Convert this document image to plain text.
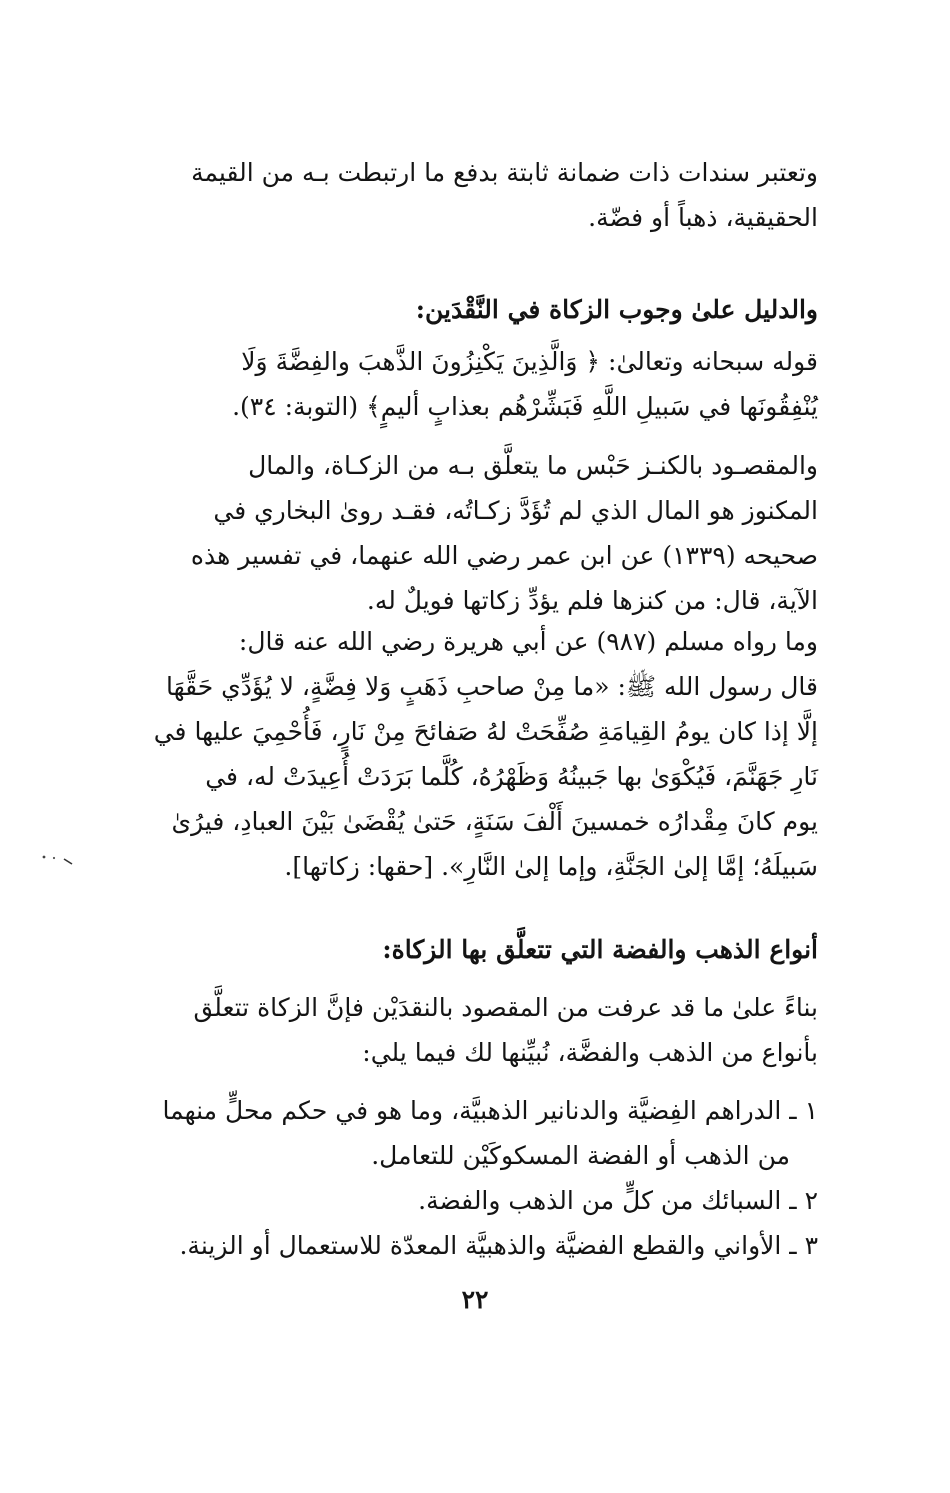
وتعتبر سندات ذات ضمانة ثابتة بدفع ما ارتبطت بـه من القيمة

الحقيقية، ذهباً أو فضّة.

والدليل علىٰ وجوب الزكاة في النَّقْدَين:

قوله سبحانه وتعالىٰ: ﴿ وَالَّذِينَ يَكْنِزُونَ الذَّهبَ والفِضَّةَ وَلَا

يُنْفِقُونَها في سَبيلِ اللَّهِ فَبَشِّرْهُم بعذابٍ أليمٍ﴾ (التوبة: ٣٤).

والمقصـود بالكنـز حَبْس ما يتعلَّق بـه من الزكـاة، والمال

المكنوز هو المال الذي لم تُؤَدَّ زكـاتُه، فقـد روىٰ البخاري في

صحيحه (١٣٣٩) عن ابن عمر رضي الله عنهما، في تفسير هذه

الآية، قال: من كنزها فلم يؤدِّ زكاتها فويلٌ له.

وما رواه مسلم (٩٨٧) عن أبي هريرة رضي الله عنه قال:

قال رسول الله ﷺ: «ما مِنْ صاحبِ ذَهَبٍ وَلا فِضَّةٍ، لا يُؤَدِّي حَقَّهَا

إلَّا إذا كان يومُ القِيامَةِ صُفِّحَتْ لهُ صَفائحَ مِنْ نَارٍ، فَأُحْمِيَ عليها في

نَارِ جَهَنَّمَ، فَيُكْوَىٰ بها جَبينُهُ وَظَهْرُهُ، كُلَّما بَرَدَتْ أُعِيدَتْ له، في

يوم كانَ مِقْدارُه خمسينَ أَلْفَ سَنَةٍ، حَتىٰ يُقْضَىٰ بَيْنَ العبادِ، فيرُىٰ

سَبيلَهُ؛ إمَّا إلىٰ الجَنَّةِ، وإما إلىٰ النَّارِ». [حقها: زكاتها].

أنواع الذهب والفضة التي تتعلَّق بها الزكاة:

بناءً علىٰ ما قد عرفت من المقصود بالنقدَيْن فإنَّ الزكاة تتعلَّق

بأنواع من الذهب والفضَّة، نُبيِّنها لك فيما يلي:

١ ـ الدراهم الفِضيَّة والدنانير الذهبيَّة، وما هو في حكم محلٍّ منهما

من الذهب أو الفضة المسكوكَيْن للتعامل.

٢ ـ السبائك من كلٍّ من الذهب والفضة.

٣ ـ الأواني والقطع الفضيَّة والذهبيَّة المعدّة للاستعمال أو الزينة.

٢٢
